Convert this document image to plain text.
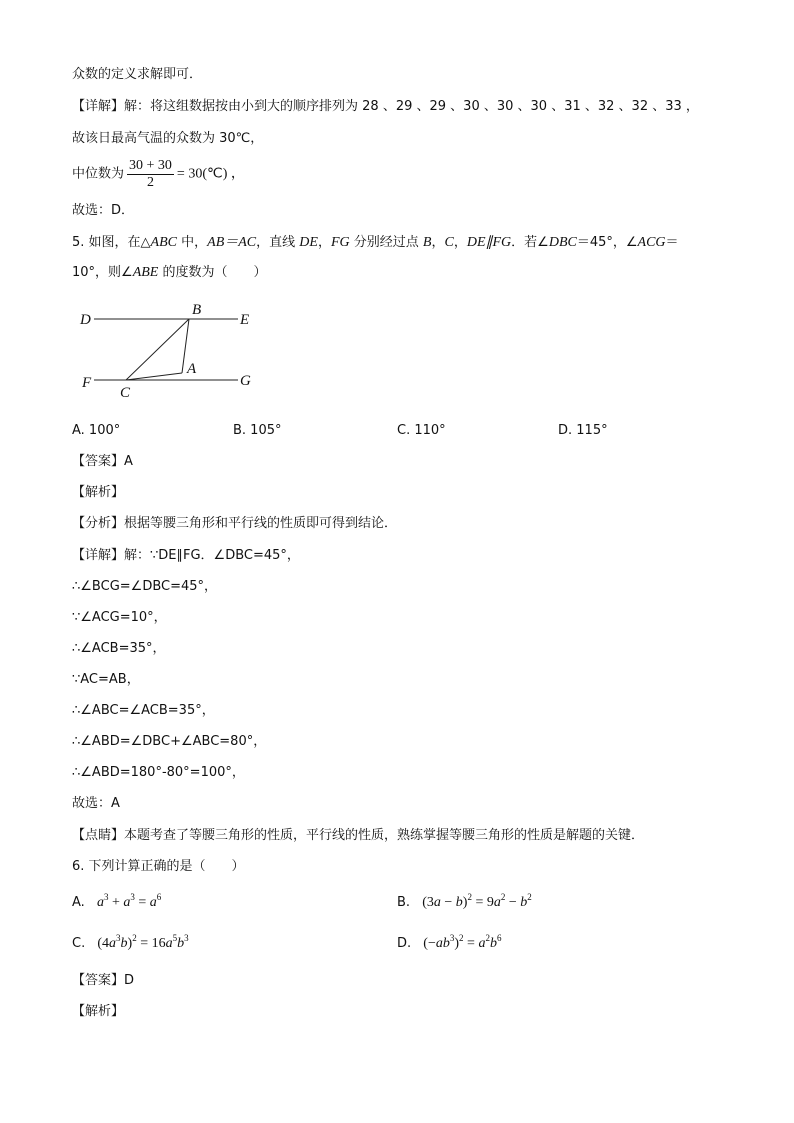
众数的定义求解即可．
【详解】解：将这组数据按由小到大的顺序排列为 28 、29 、29 、30 、30 、30 、31 、32 、32 、33 ，
故该日最高气温的众数为 30℃，
中位数为 $\frac{30 + 30}{2}$ = 30(℃) ，
故选：D．
5. 如图，在△ABC 中，AB＝AC，直线 DE，FG 分别经过点 B，C，DE∥FG．若∠DBC＝45°，∠ACG＝
10°，则∠ABE 的度数为（　　）
D
B
E
A
F
C
G
A. 100°	B. 105°	C. 110°	D. 115°
【答案】A
【解析】
【分析】根据等腰三角形和平行线的性质即可得到结论．
【详解】解：∵DE∥FG．∠DBC=45°，
∴∠BCG=∠DBC=45°，
∵∠ACG=10°，
∴∠ACB=35°，
∵AC=AB，
∴∠ABC=∠ACB=35°，
∴∠ABD=∠DBC+∠ABC=80°，
∴∠ABD=180°-80°=100°，
故选：A
【点睛】本题考查了等腰三角形的性质，平行线的性质，熟练掌握等腰三角形的性质是解题的关键．
6. 下列计算正确的是（　　）
A. $a^3 + a^3 = a^6$	B. $(3a - b)^2 = 9a^2 - b^2$
C. $(4a^3b)^2 = 16a^5b^3$	D. $(-ab^3)^2 = a^2b^6$
【答案】D
【解析】
